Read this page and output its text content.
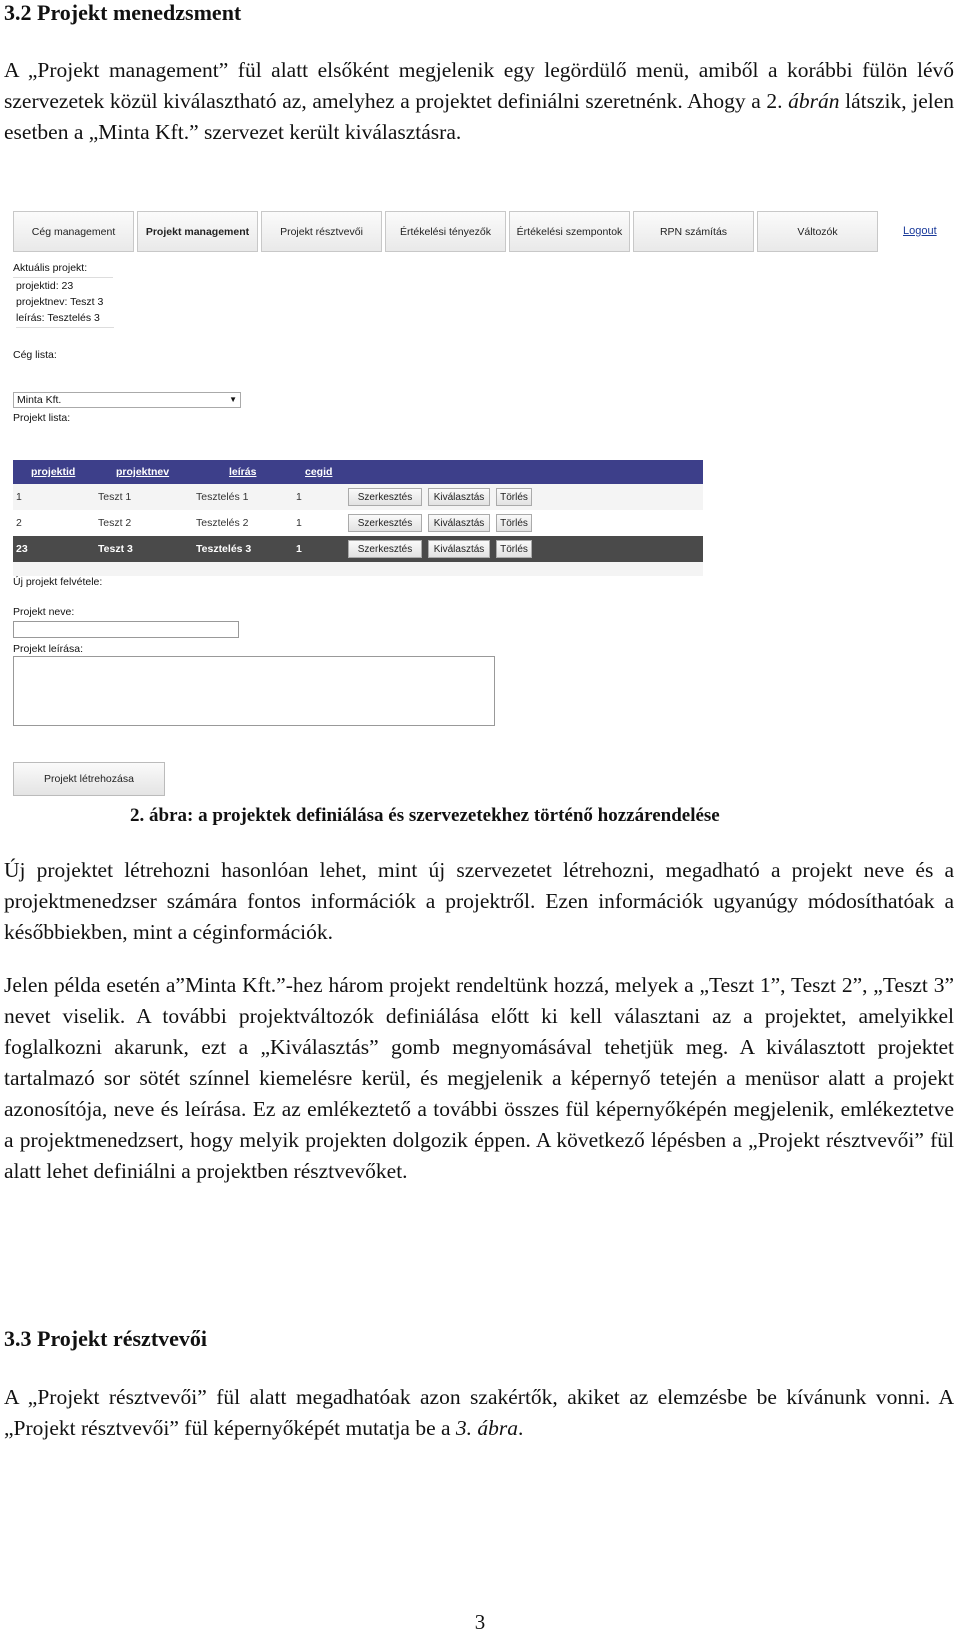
3.2 Projekt menedzsment

A „Projekt management” fül alatt elsőként megjelenik egy legördülő menü, amiből a korábbi fülön lévő szervezetek közül kiválasztható az, amelyhez a projektet definiálni szeretnénk. Ahogy a 2. ábrán látszik, jelen esetben a „Minta Kft.” szervezet került kiválasztásra.

Cég management	Projekt management	Projekt résztvevői	Értékelési tényezők	Értékelési szempontok	RPN számítás	Változók	Logout
Aktuális projekt:
projektid: 23
projektnev: Teszt 3
leírás: Tesztelés 3
Cég lista:
Minta Kft.	▼
Projekt lista:
projektid	projektnev	leírás	cegid
1	Teszt 1	Tesztelés 1	1	Szerkesztés	Kiválasztás	Törlés
2	Teszt 2	Tesztelés 2	1	Szerkesztés	Kiválasztás	Törlés
23	Teszt 3	Tesztelés 3	1	Szerkesztés	Kiválasztás	Törlés
Új projekt felvétele:
Projekt neve:
Projekt leírása:
Projekt létrehozása
2. ábra: a projektek definiálása és szervezetekhez történő hozzárendelése

Új projektet létrehozni hasonlóan lehet, mint új szervezetet létrehozni, megadható a projekt neve és a projektmenedzser számára fontos információk a projektről. Ezen információk ugyanúgy módosíthatóak a későbbiekben, mint a céginformációk.

Jelen példa esetén a”Minta Kft.”-hez három projekt rendeltünk hozzá, melyek a „Teszt 1”, Teszt 2”, „Teszt 3” nevet viselik. A további projektváltozók definiálása előtt ki kell választani az a projektet, amelyikkel foglalkozni akarunk, ezt a „Kiválasztás” gomb megnyomásával tehetjük meg. A kiválasztott projektet tartalmazó sor sötét színnel kiemelésre kerül, és megjelenik a képernyő tetején a menüsor alatt a projekt azonosítója, neve és leírása. Ez az emlékeztető a további összes fül képernyőképén megjelenik, emlékeztetve a projektmenedzsert, hogy melyik projekten dolgozik éppen. A következő lépésben a „Projekt résztvevői” fül alatt lehet definiálni a projektben résztvevőket.

3.3 Projekt résztvevői

A „Projekt résztvevői” fül alatt megadhatóak azon szakértők, akiket az elemzésbe be kívánunk vonni. A „Projekt résztvevői” fül képernyőképét mutatja be a 3. ábra.

3
